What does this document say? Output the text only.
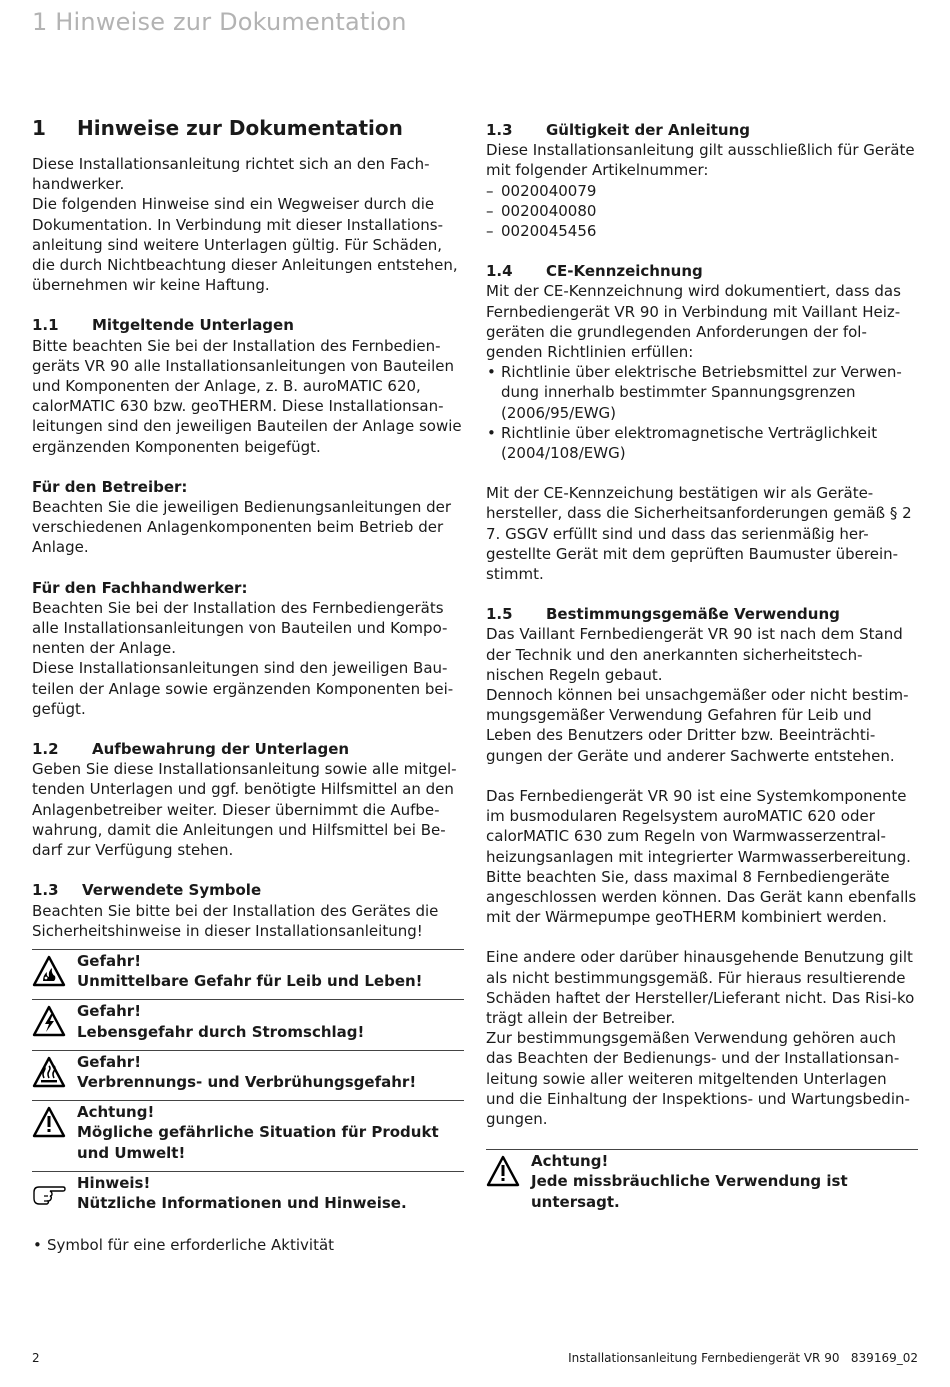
1 Hinweise zur Dokumentation
1 Hinweise zur Dokumentation

Diese Installationsanleitung richtet sich an den Fach-
handwerker.

Die folgenden Hinweise sind ein Wegweiser durch die Dokumentation. In Verbindung mit dieser Installations-anleitung sind weitere Unterlagen gültig. Für Schäden, die durch Nichtbeachtung dieser Anleitungen entstehen, übernehmen wir keine Haftung.

1.1 Mitgeltende Unterlagen

Bitte beachten Sie bei der Installation des Fernbedien-geräts VR 90 alle Installationsanleitungen von Bauteilen und Komponenten der Anlage, z. B. auroMATIC 620, calorMATIC 630 bzw. geoTHERM. Diese Installationsan-leitungen sind den jeweiligen Bauteilen der Anlage sowie ergänzenden Komponenten beigefügt.

Für den Betreiber:

Beachten Sie die jeweiligen Bedienungsanleitungen der verschiedenen Anlagenkomponenten beim Betrieb der Anlage.

Für den Fachhandwerker:

Beachten Sie bei der Installation des Fernbediengeräts alle Installationsanleitungen von Bauteilen und Kompo-nenten der Anlage.

Diese Installationsanleitungen sind den jeweiligen Bau-teilen der Anlage sowie ergänzenden Komponenten bei-gefügt.

1.2 Aufbewahrung der Unterlagen

Geben Sie diese Installationsanleitung sowie alle mitgel-tenden Unterlagen und ggf. benötigte Hilfsmittel an den Anlagenbetreiber weiter. Dieser übernimmt die Aufbe-wahrung, damit die Anleitungen und Hilfsmittel bei Be-darf zur Verfügung stehen.

1.3 Verwendete Symbole

Beachten Sie bitte bei der Installation des Gerätes die Sicherheitshinweise in dieser Installationsanleitung!

Gefahr!
Unmittelbare Gefahr für Leib und Leben!
Gefahr!
Lebensgefahr durch Stromschlag!
Gefahr!
Verbrennungs- und Verbrühungsgefahr!
Achtung!
Mögliche gefährliche Situation für Produkt und Umwelt!
Hinweis!
Nützliche Informationen und Hinweise.
• Symbol für eine erforderliche Aktivität
1.3 Gültigkeit der Anleitung

Diese Installationsanleitung gilt ausschließlich für Geräte mit folgender Artikelnummer:

– 0020040079
– 0020040080
– 0020045456
1.4 CE-Kennzeichnung

Mit der CE-Kennzeichnung wird dokumentiert, dass das Fernbediengerät VR 90 in Verbindung mit Vaillant Heiz-geräten die grundlegenden Anforderungen der fol-genden Richtlinien erfüllen:

• Richtlinie über elektrische Betriebsmittel zur Verwen-dung innerhalb bestimmter Spannungsgrenzen (2006/95/EWG)
• Richtlinie über elektromagnetische Verträglichkeit (2004/108/EWG)

Mit der CE-Kennzeichung bestätigen wir als Geräte-hersteller, dass die Sicherheitsanforderungen gemäß § 2 7. GSGV erfüllt sind und dass das serienmäßig her-gestellte Gerät mit dem geprüften Baumuster überein-stimmt.

1.5 Bestimmungsgemäße Verwendung

Das Vaillant Fernbediengerät VR 90 ist nach dem Stand der Technik und den anerkannten sicherheitstech-nischen Regeln gebaut.

Dennoch können bei unsachgemäßer oder nicht bestim-mungsgemäßer Verwendung Gefahren für Leib und Leben des Benutzers oder Dritter bzw. Beeinträchti-gungen der Geräte und anderer Sachwerte entstehen.

Das Fernbediengerät VR 90 ist eine Systemkomponente im busmodularen Regelsystem auroMATIC 620 oder calorMATIC 630 zum Regeln von Warmwasserzentral-heizungsanlagen mit integrierter Warmwasserbereitung. Bitte beachten Sie, dass maximal 8 Fernbediengeräte angeschlossen werden können. Das Gerät kann ebenfalls mit der Wärmepumpe geoTHERM kombiniert werden.

Eine andere oder darüber hinausgehende Benutzung gilt als nicht bestimmungsgemäß. Für hieraus resultierende Schäden haftet der Hersteller/Lieferant nicht. Das Risi-ko trägt allein der Betreiber.

Zur bestimmungsgemäßen Verwendung gehören auch das Beachten der Bedienungs- und der Installationsan-leitung sowie aller weiteren mitgeltenden Unterlagen und die Einhaltung der Inspektions- und Wartungsbedin-gungen.

Achtung!
Jede missbräuchliche Verwendung ist untersagt.
2	Installationsanleitung Fernbediengerät VR 90   839169_02
